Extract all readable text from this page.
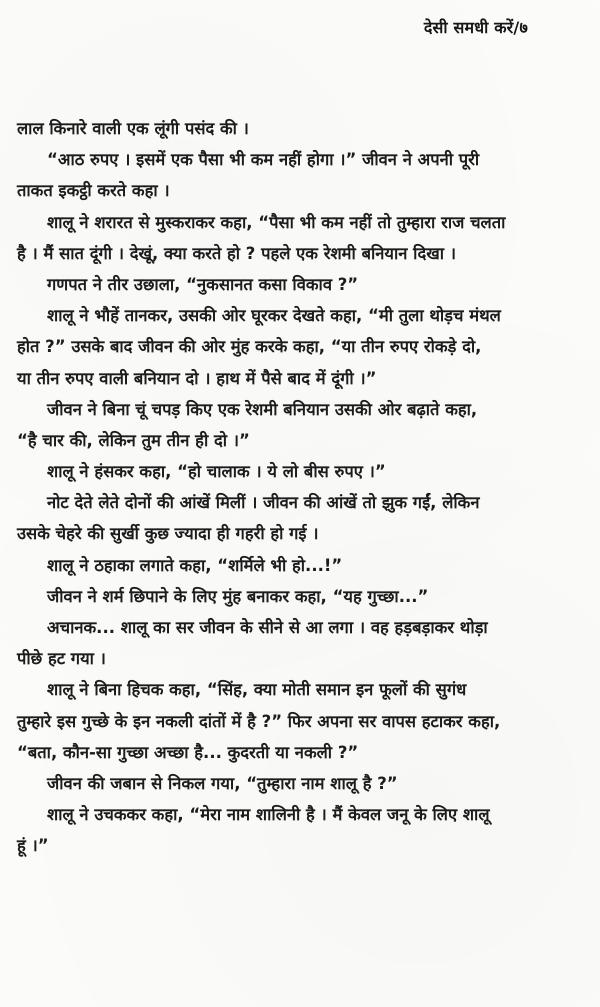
देसी समधी करें/७
लाल किनारे वाली एक लूंगी पसंद की ।
“आठ रुपए । इसमें एक पैसा भी कम नहीं होगा ।” जीवन ने अपनी पूरी
ताकत इकट्ठी करते कहा ।
शालू ने शरारत से मुस्कराकर कहा, “पैसा भी कम नहीं तो तुम्हारा राज चलता
है । मैं सात दूंगी । देखूं, क्या करते हो ? पहले एक रेशमी बनियान दिखा ।
गणपत ने तीर उछाला, “नुकसानत कसा विकाव ?”
शालू ने भौहें तानकर, उसकी ओर घूरकर देखते कहा, “मी तुला थोड़च मंथल
होत ?” उसके बाद जीवन की ओर मुंह करके कहा, “या तीन रुपए रोकड़े दो,
या तीन रुपए वाली बनियान दो । हाथ में पैसे बाद में दूंगी ।”
जीवन ने बिना चूं चपड़ किए एक रेशमी बनियान उसकी ओर बढ़ाते कहा,
“है चार की, लेकिन तुम तीन ही दो ।”
शालू ने हंसकर कहा, “हो चालाक । ये लो बीस रुपए ।”
नोट देते लेते दोनों की आंखें मिलीं । जीवन की आंखें तो झुक गईं, लेकिन
उसके चेहरे की सुर्खी कुछ ज्यादा ही गहरी हो गई ।
शालू ने ठहाका लगाते कहा, “शर्मिले भी हो...!”
जीवन ने शर्म छिपाने के लिए मुंह बनाकर कहा, “यह गुच्छा...”
अचानक... शालू का सर जीवन के सीने से आ लगा । वह हड़बड़ाकर थोड़ा
पीछे हट गया ।
शालू ने बिना हिचक कहा, “सिंह, क्या मोती समान इन फूलों की सुगंध
तुम्हारे इस गुच्छे के इन नकली दांतों में है ?” फिर अपना सर वापस हटाकर कहा,
“बता, कौन-सा गुच्छा अच्छा है... कुदरती या नकली ?”
जीवन की जबान से निकल गया, “तुम्हारा नाम शालू है ?”
शालू ने उचककर कहा, “मेरा नाम शालिनी है । मैं केवल जनू के लिए शालू
हूं ।”
